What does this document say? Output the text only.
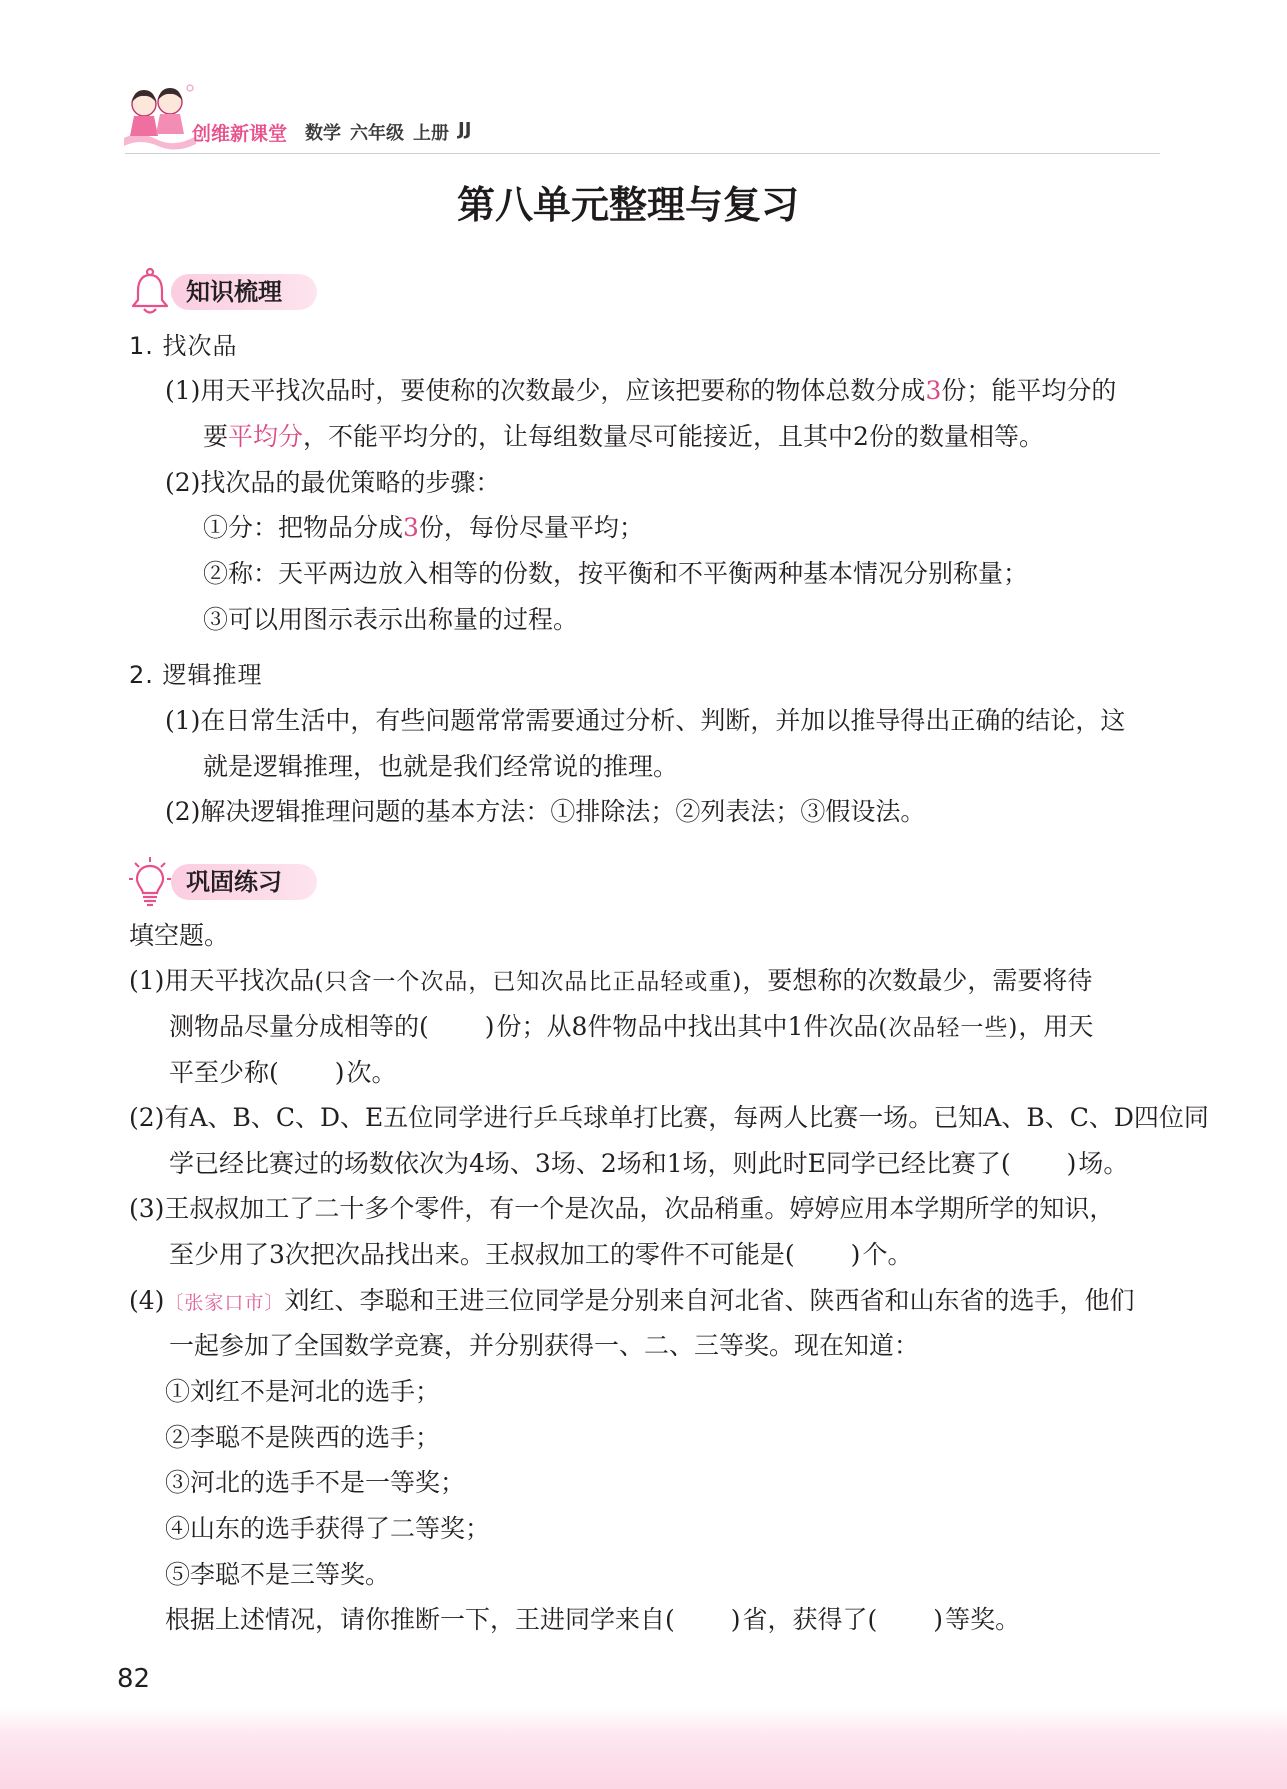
创维新课堂 数学 六年级 上册 JJ
第八单元整理与复习
知识梳理
1. 找次品
(1) 用天平找次品时，要使称的次数最少，应该把要称的物体总数分成 3 份；能平均分的
要 平均分 ，不能平均分的，让每组数量尽可能接近，且其中2份的数量相等。
(2) 找次品的最优策略的步骤：
①分：把物品分成 3 份，每份尽量平均；
②称：天平两边放入相等的份数，按平衡和不平衡两种基本情况分别称量；
③可以用图示表示出称量的过程。
2. 逻辑推理
(1) 在日常生活中，有些问题常常需要通过分析、判断，并加以推导得出正确的结论，这
就是逻辑推理，也就是我们经常说的推理。
(2) 解决逻辑推理问题的基本方法：①排除法；②列表法；③假设法。
巩固练习
填空题。
(1) 用天平找次品 (只含一个次品，已知次品比正品轻或重) ，要想称的次数最少，需要将待
测物品尽量分成相等的 (　　) 份；从8件物品中找出其中1件次品 (次品轻一些) ，用天
平至少称 (　　) 次。
(2) 有A、B、C、D、E五位同学进行乒乓球单打比赛，每两人比赛一场。已知A、B、C、D四位同
学已经比赛过的场数依次为4场、3场、2场和1场，则此时E同学已经比赛了 (　　) 场。
(3) 王叔叔加工了二十多个零件，有一个是次品，次品稍重。婷婷应用本学期所学的知识，
至少用了3次把次品找出来。王叔叔加工的零件不可能是 (　　) 个。
(4) 〔张家口市〕 刘红、李聪和王进三位同学是分别来自河北省、陕西省和山东省的选手，他们
一起参加了全国数学竞赛，并分别获得一、二、三等奖。现在知道：
①刘红不是河北的选手；
②李聪不是陕西的选手；
③河北的选手不是一等奖；
④山东的选手获得了二等奖；
⑤李聪不是三等奖。
根据上述情况，请你推断一下，王进同学来自 (　　) 省，获得了 (　　) 等奖。
82
